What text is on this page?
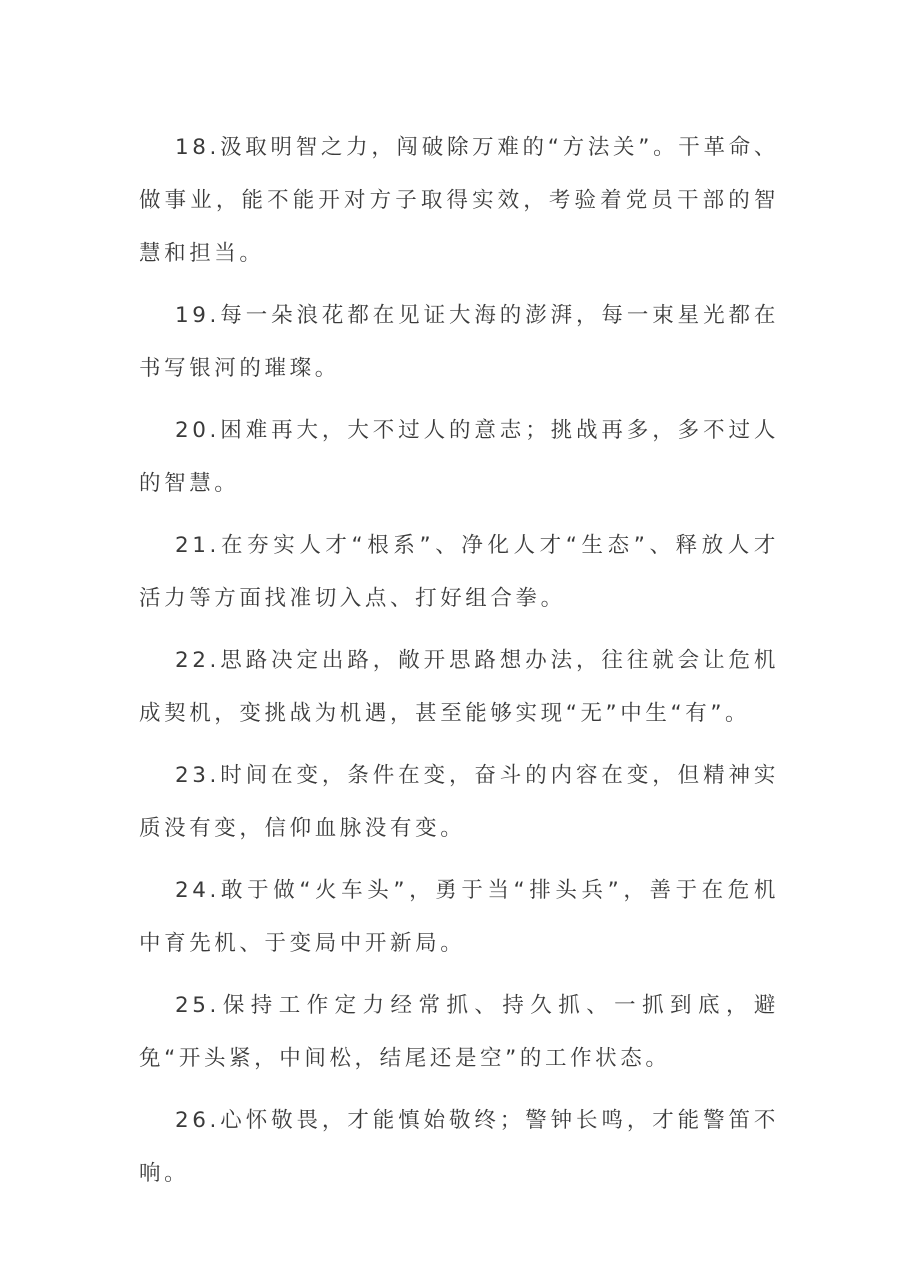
18.汲取明智之力，闯破除万难的“方法关”。干革命、做事业，能不能开对方子取得实效，考验着党员干部的智慧和担当。

19.每一朵浪花都在见证大海的澎湃，每一束星光都在书写银河的璀璨。

20.困难再大，大不过人的意志；挑战再多，多不过人的智慧。

21.在夯实人才“根系”、净化人才“生态”、释放人才活力等方面找准切入点、打好组合拳。

22.思路决定出路，敞开思路想办法，往往就会让危机成契机，变挑战为机遇，甚至能够实现“无”中生“有”。

23.时间在变，条件在变，奋斗的内容在变，但精神实质没有变，信仰血脉没有变。

24.敢于做“火车头”，勇于当“排头兵”，善于在危机中育先机、于变局中开新局。

25.保持工作定力经常抓、持久抓、一抓到底，避免“开头紧，中间松，结尾还是空”的工作状态。

26.心怀敬畏，才能慎始敬终；警钟长鸣，才能警笛不响。
